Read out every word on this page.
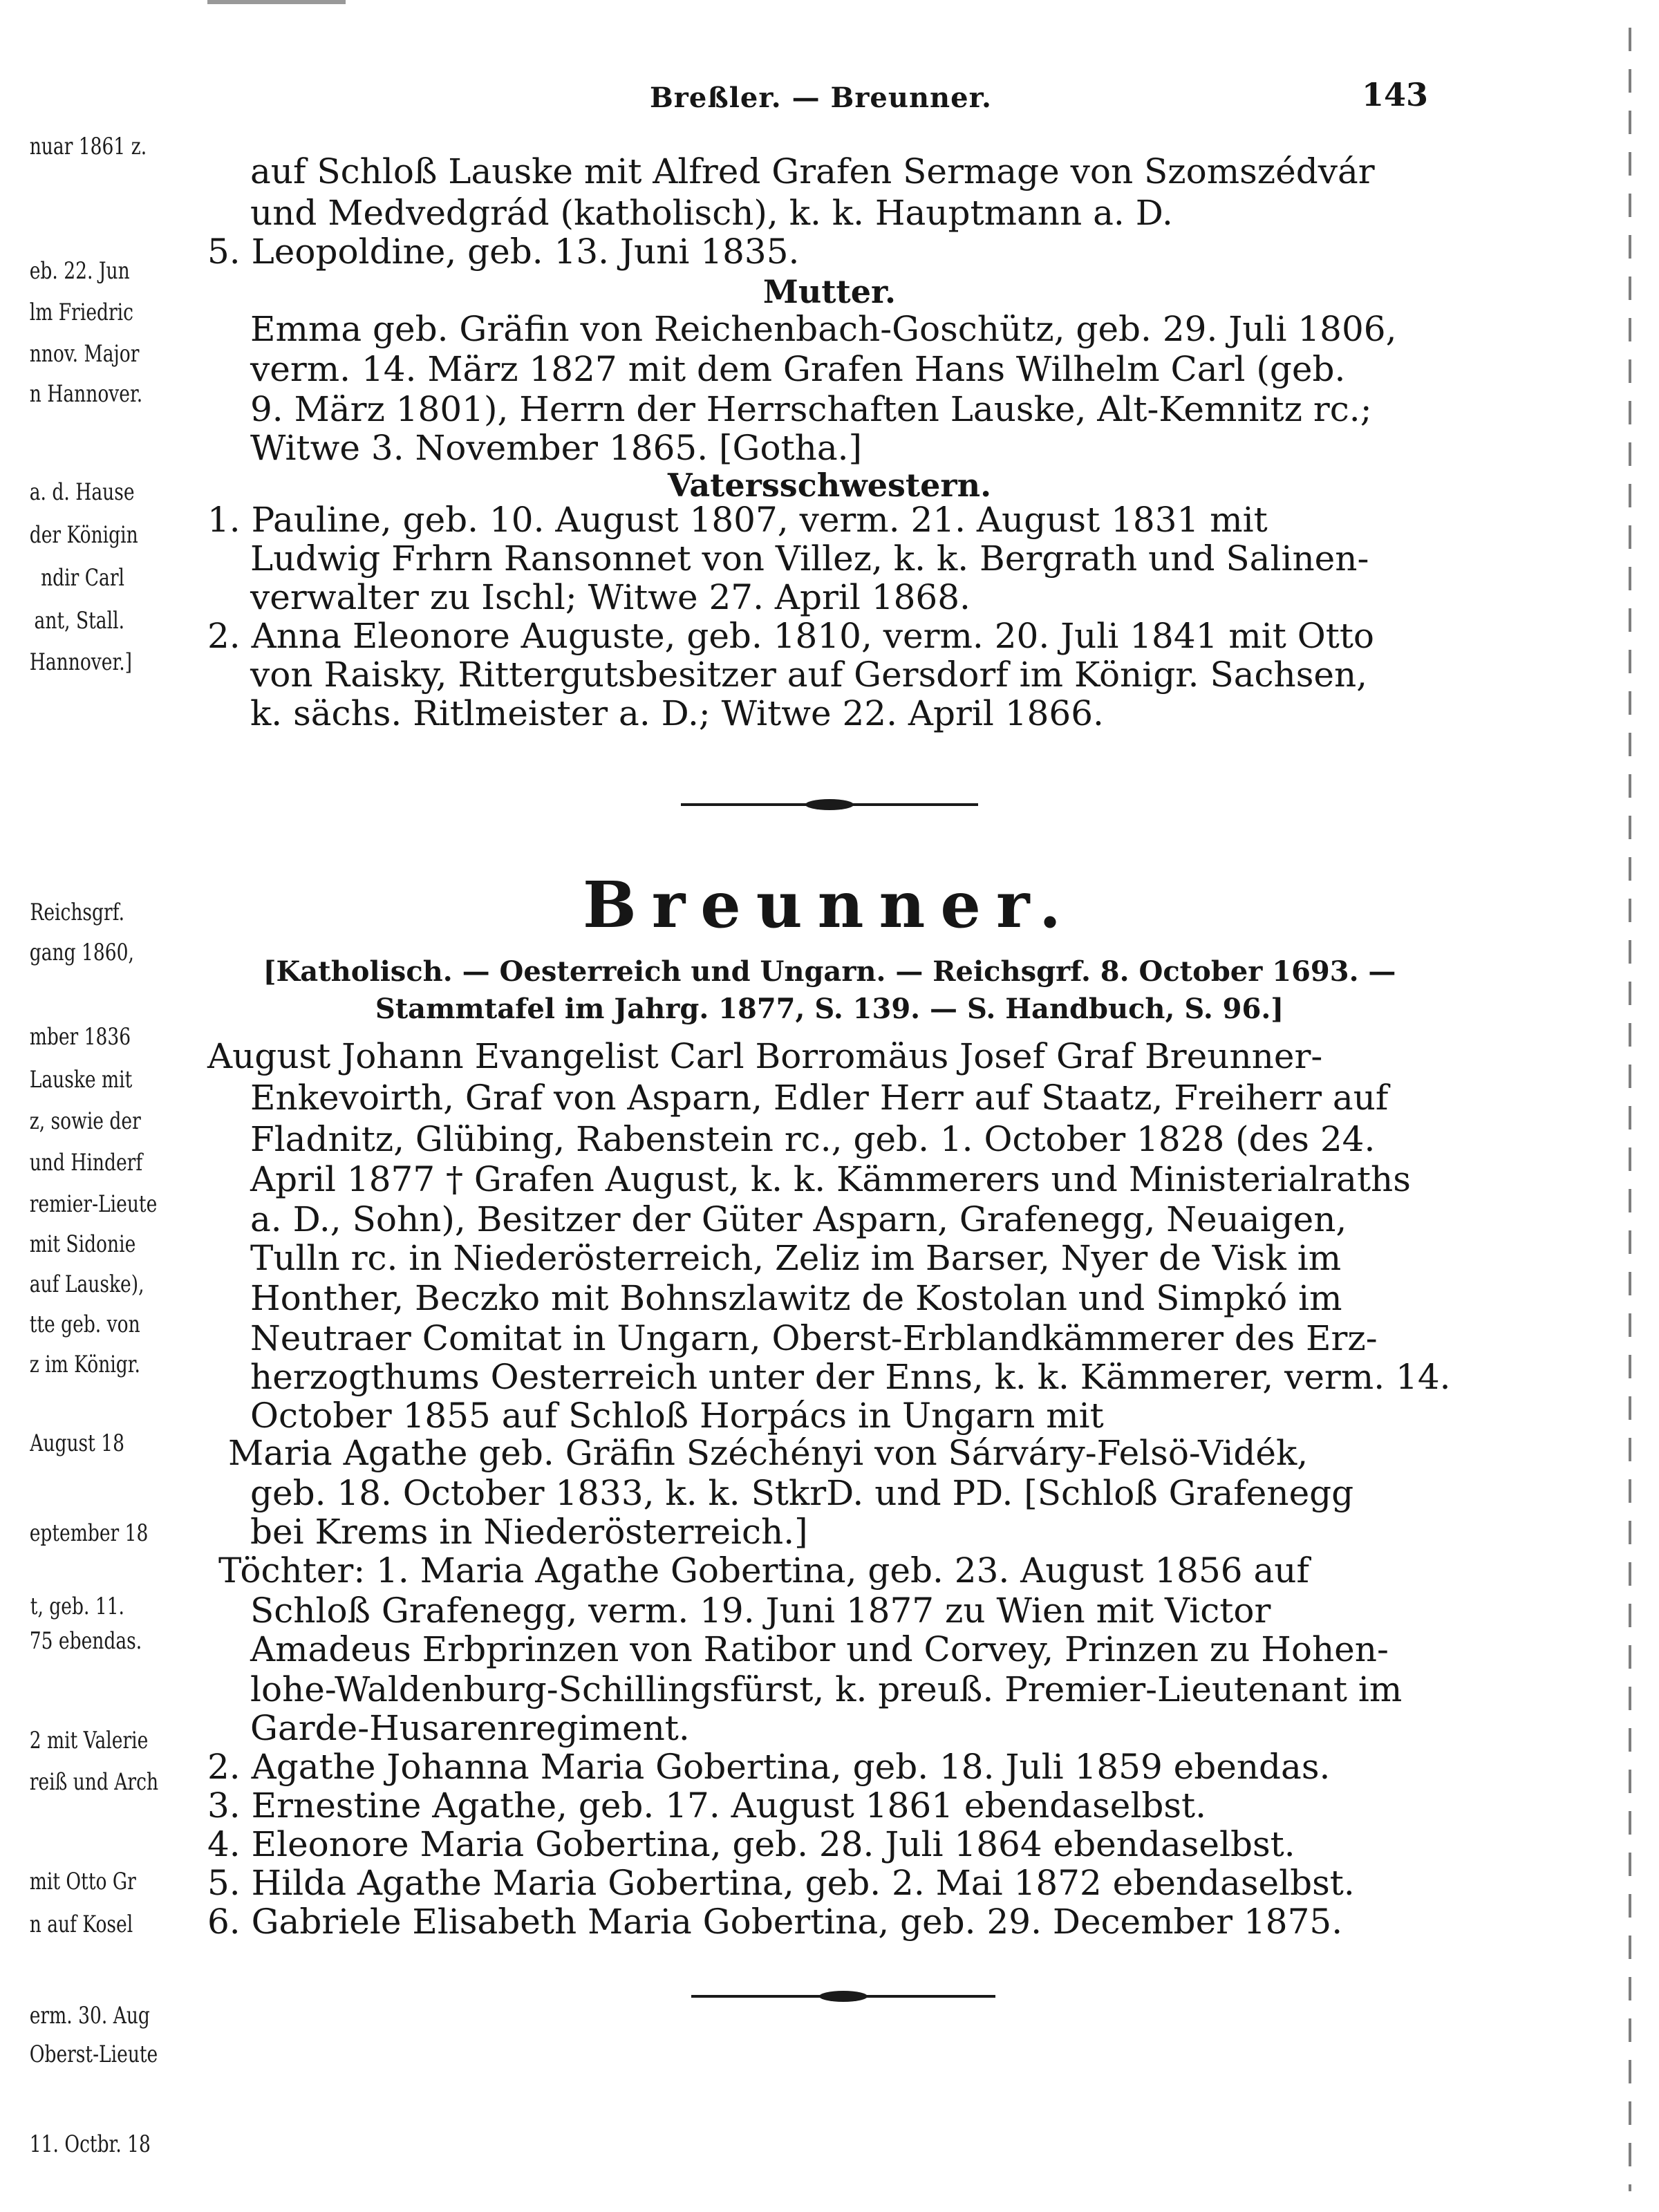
nuar 1861 z.
eb. 22. Jun
lm Friedric
nnov. Major
n Hannover.
a. d. Hause
der Königin
ndir Carl
ant, Stall.
Hannover.]
Reichsgrf.
gang 1860,
mber 1836
Lauske mit
z, sowie der
und Hinderf
remier-Lieute
mit Sidonie
auf Lauske),
tte geb. von
z im Königr.
August 18
eptember 18
t, geb. 11.
75 ebendas.
2 mit Valerie
reiß und Arch
mit Otto Gr
n auf Kosel
erm. 30. Aug
Oberst-Lieute
11. Octbr. 18
Breßler. — Breunner.	143
auf Schloß Lauske mit Alfred Grafen Sermage von Szomszédvár
und Medvedgrád (katholisch), k. k. Hauptmann a. D.
5. Leopoldine, geb. 13. Juni 1835.
Mutter.
Emma geb. Gräfin von Reichenbach-Goschütz, geb. 29. Juli 1806,
verm. 14. März 1827 mit dem Grafen Hans Wilhelm Carl (geb.
9. März 1801), Herrn der Herrschaften Lauske, Alt-Kemnitz rc.;
Witwe 3. November 1865. [Gotha.]
Vatersschwestern.
1. Pauline, geb. 10. August 1807, verm. 21. August 1831 mit
Ludwig Frhrn Ransonnet von Villez, k. k. Bergrath und Salinen-
verwalter zu Ischl; Witwe 27. April 1868.
2. Anna Eleonore Auguste, geb. 1810, verm. 20. Juli 1841 mit Otto
von Raisky, Rittergutsbesitzer auf Gersdorf im Königr. Sachsen,
k. sächs. Ritlmeister a. D.; Witwe 22. April 1866.
Breunner.
[Katholisch. — Oesterreich und Ungarn. — Reichsgrf. 8. October 1693. —
Stammtafel im Jahrg. 1877, S. 139. — S. Handbuch, S. 96.]
August Johann Evangelist Carl Borromäus Josef Graf Breunner-
Enkevoirth, Graf von Asparn, Edler Herr auf Staatz, Freiherr auf
Fladnitz, Glübing, Rabenstein rc., geb. 1. October 1828 (des 24.
April 1877 † Grafen August, k. k. Kämmerers und Ministerialraths
a. D., Sohn), Besitzer der Güter Asparn, Grafenegg, Neuaigen,
Tulln rc. in Niederösterreich, Zeliz im Barser, Nyer de Visk im
Honther, Beczko mit Bohnszlawitz de Kostolan und Simpkó im
Neutraer Comitat in Ungarn, Oberst-Erblandkämmerer des Erz-
herzogthums Oesterreich unter der Enns, k. k. Kämmerer, verm. 14.
October 1855 auf Schloß Horpács in Ungarn mit
Maria Agathe geb. Gräfin Széchényi von Sárváry-Felsö-Vidék,
geb. 18. October 1833, k. k. StkrD. und PD. [Schloß Grafenegg
bei Krems in Niederösterreich.]
Töchter: 1. Maria Agathe Gobertina, geb. 23. August 1856 auf
Schloß Grafenegg, verm. 19. Juni 1877 zu Wien mit Victor
Amadeus Erbprinzen von Ratibor und Corvey, Prinzen zu Hohen-
lohe-Waldenburg-Schillingsfürst, k. preuß. Premier-Lieutenant im
Garde-Husarenregiment.
2. Agathe Johanna Maria Gobertina, geb. 18. Juli 1859 ebendas.
3. Ernestine Agathe, geb. 17. August 1861 ebendaselbst.
4. Eleonore Maria Gobertina, geb. 28. Juli 1864 ebendaselbst.
5. Hilda Agathe Maria Gobertina, geb. 2. Mai 1872 ebendaselbst.
6. Gabriele Elisabeth Maria Gobertina, geb. 29. December 1875.
